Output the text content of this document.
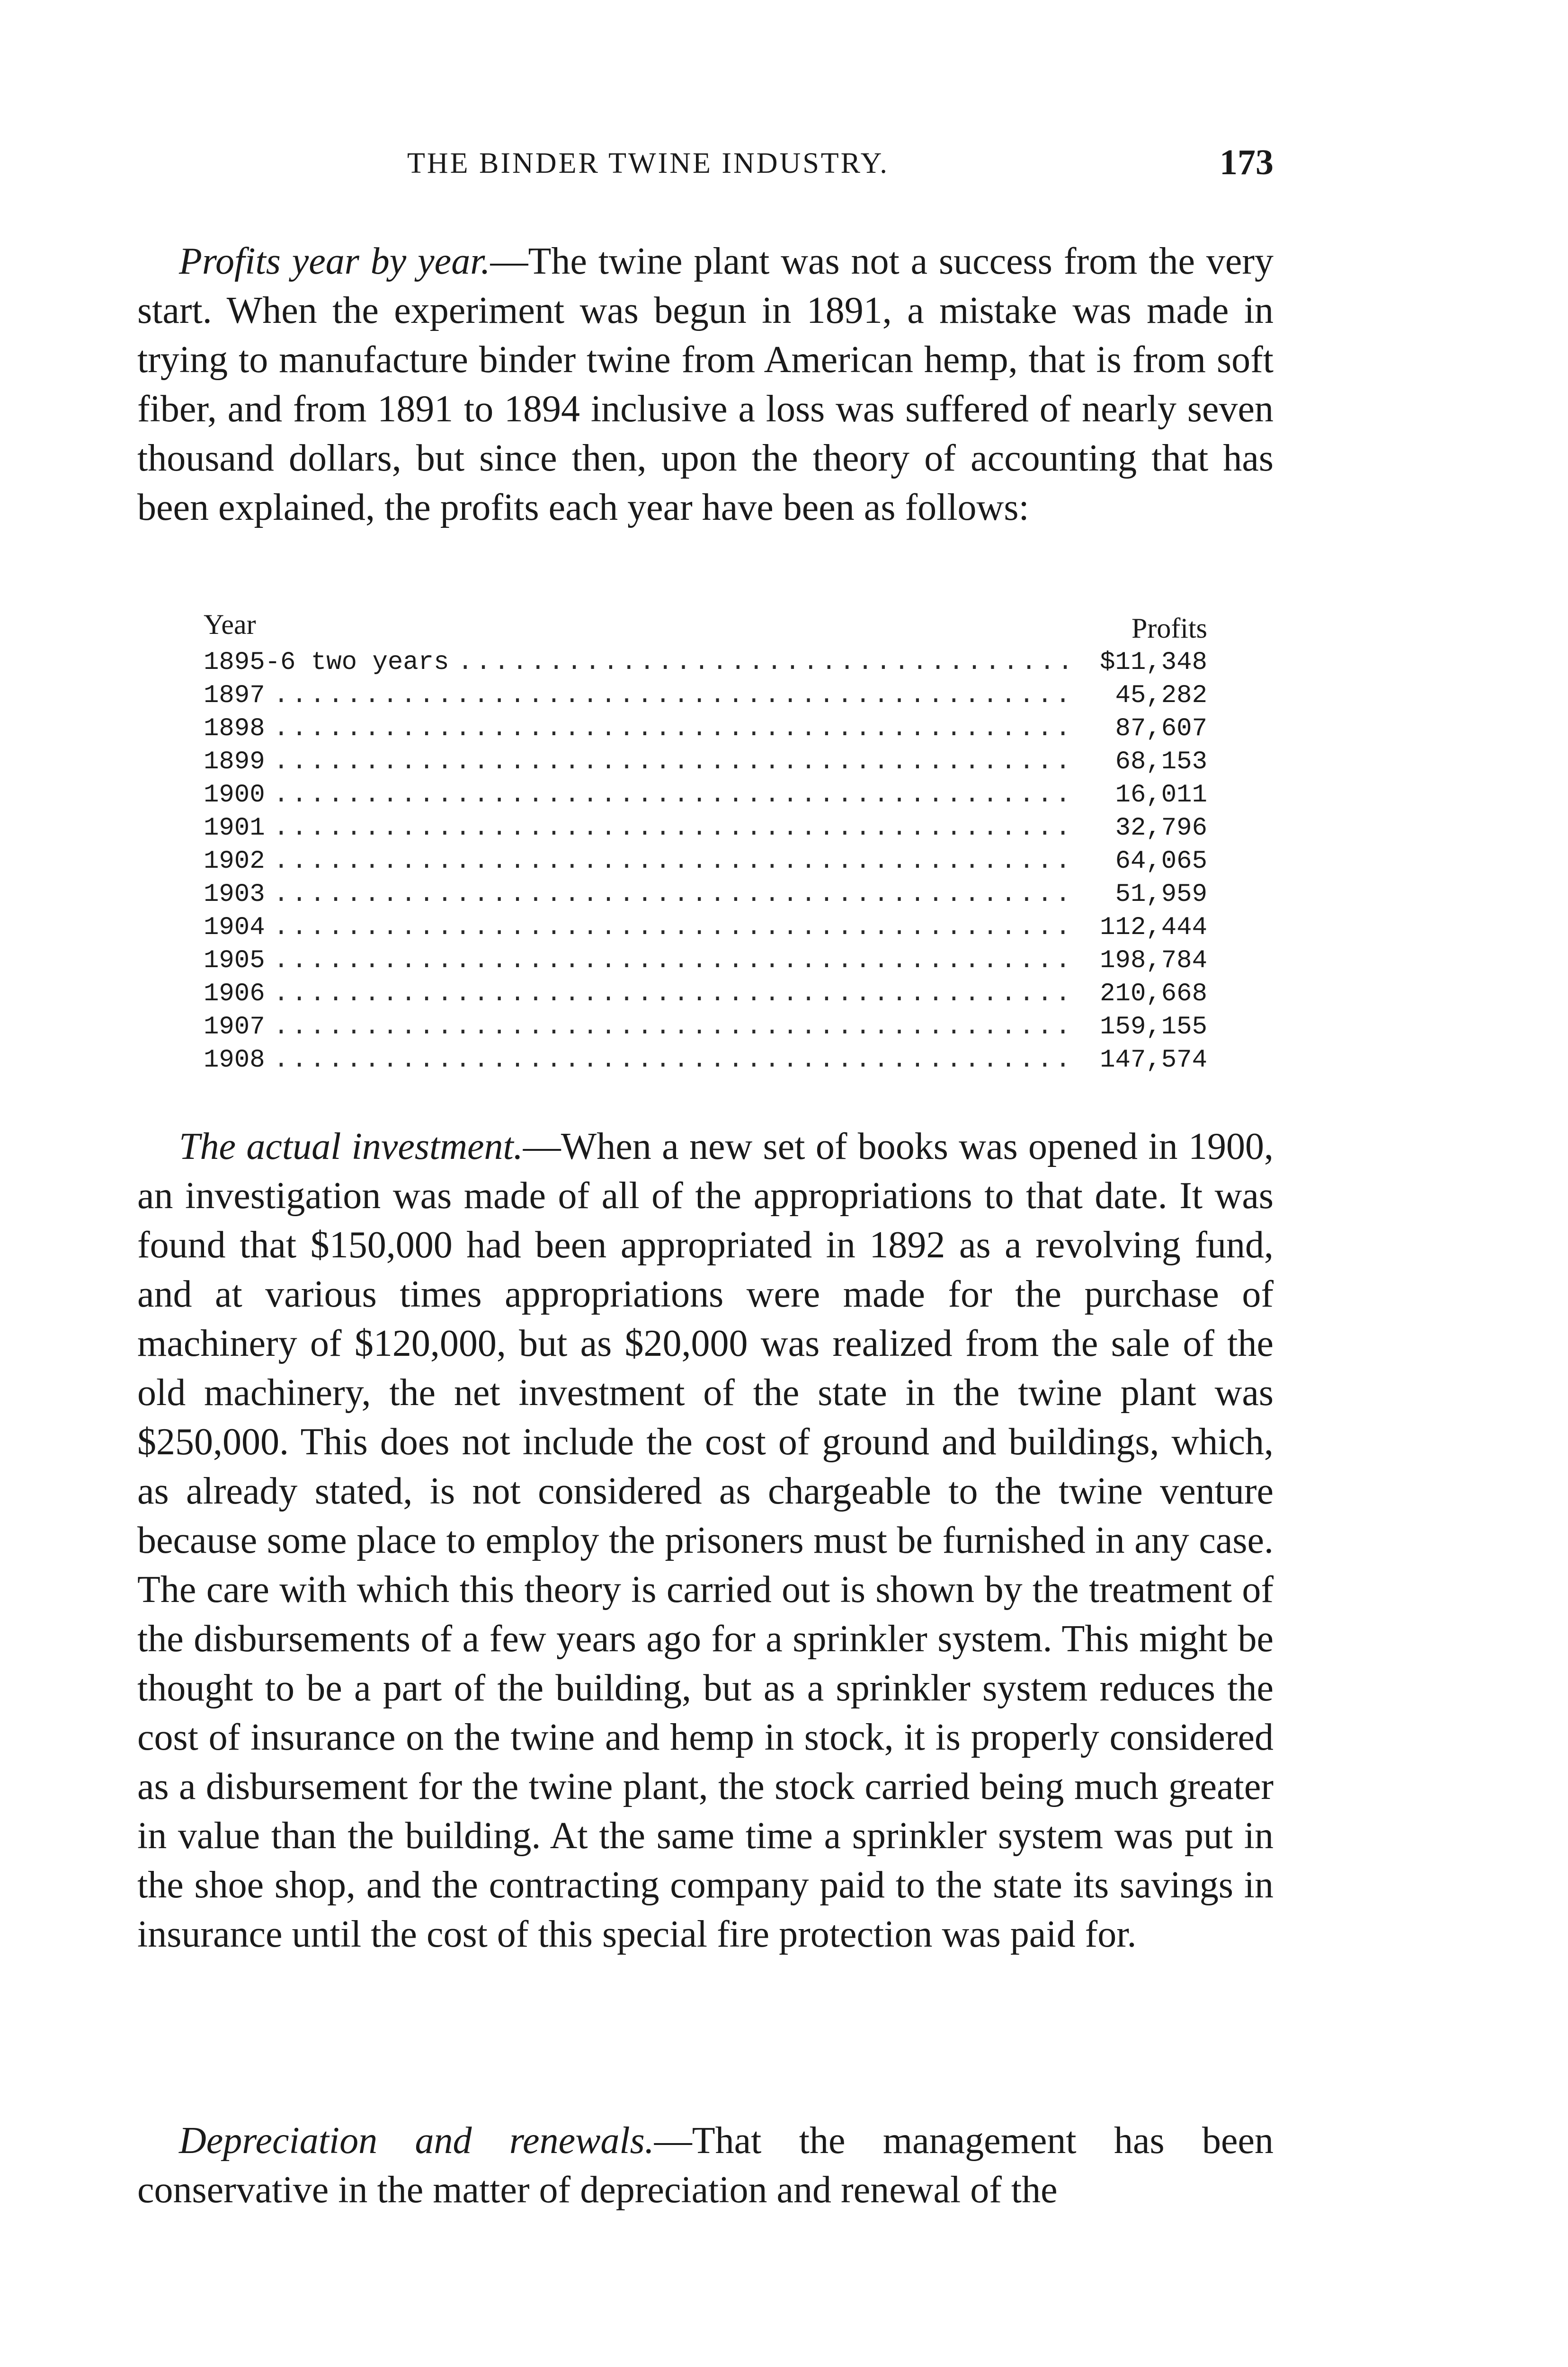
THE BINDER TWINE INDUSTRY.	173

Profits year by year.—The twine plant was not a success from the very start. When the experiment was begun in 1891, a mistake was made in trying to manufacture binder twine from American hemp, that is from soft fiber, and from 1891 to 1894 inclusive a loss was suffered of nearly seven thousand dollars, but since then, upon the theory of accounting that has been explained, the profits each year have been as follows:

Year	Profits
1895-6 two years .....	$11,348
1897 .....	45,282
1898 .....	87,607
1899 .....	68,153
1900 .....	16,011
1901 .....	32,796
1902 .....	64,065
1903 .....	51,959
1904 .....	112,444
1905 .....	198,784
1906 .....	210,668
1907 .....	159,155
1908 .....	147,574

The actual investment.—When a new set of books was opened in 1900, an investigation was made of all of the appropriations to that date. It was found that $150,000 had been appropriated in 1892 as a revolving fund, and at various times appropriations were made for the purchase of machinery of $120,000, but as $20,000 was realized from the sale of the old machinery, the net investment of the state in the twine plant was $250,000. This does not include the cost of ground and buildings, which, as already stated, is not considered as chargeable to the twine venture because some place to employ the prisoners must be furnished in any case. The care with which this theory is carried out is shown by the treatment of the disbursements of a few years ago for a sprinkler system. This might be thought to be a part of the building, but as a sprinkler system reduces the cost of insurance on the twine and hemp in stock, it is properly considered as a disbursement for the twine plant, the stock carried being much greater in value than the building. At the same time a sprinkler system was put in the shoe shop, and the contracting company paid to the state its savings in insurance until the cost of this special fire protection was paid for.

Depreciation and renewals.—That the management has been conservative in the matter of depreciation and renewal of the
